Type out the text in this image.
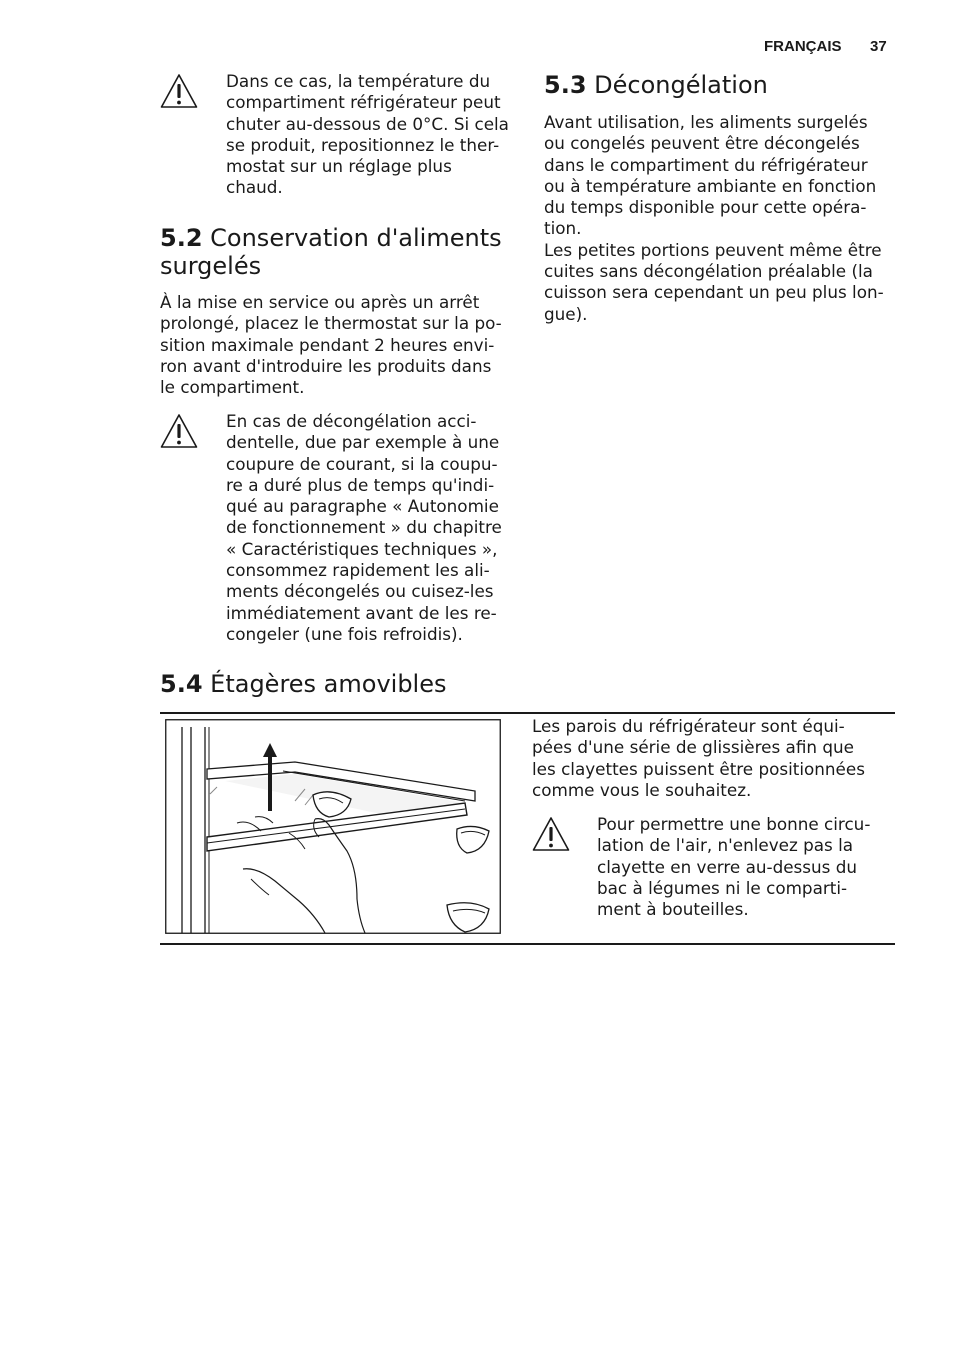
FRANÇAIS 37
Dans ce cas, la température du
compartiment réfrigérateur peut
chuter au-dessous de 0°C. Si cela
se produit, repositionnez le ther-
mostat sur un réglage plus
chaud.
5.2 Conservation d'aliments
surgelés
À la mise en service ou après un arrêt
prolongé, placez le thermostat sur la po-
sition maximale pendant 2 heures envi-
ron avant d'introduire les produits dans
le compartiment.
En cas de décongélation acci-
dentelle, due par exemple à une
coupure de courant, si la coupu-
re a duré plus de temps qu'indi-
qué au paragraphe « Autonomie
de fonctionnement » du chapitre
« Caractéristiques techniques »,
consommez rapidement les ali-
ments décongelés ou cuisez-les
immédiatement avant de les re-
congeler (une fois refroidis).
5.3 Décongélation
Avant utilisation, les aliments surgelés
ou congelés peuvent être décongelés
dans le compartiment du réfrigérateur
ou à température ambiante en fonction
du temps disponible pour cette opéra-
tion.
Les petites portions peuvent même être
cuites sans décongélation préalable (la
cuisson sera cependant un peu plus lon-
gue).
5.4 Étagères amovibles
Les parois du réfrigérateur sont équi-
pées d'une série de glissières afin que
les clayettes puissent être positionnées
comme vous le souhaitez.
Pour permettre une bonne circu-
lation de l'air, n'enlevez pas la
clayette en verre au-dessus du
bac à légumes ni le comparti-
ment à bouteilles.
